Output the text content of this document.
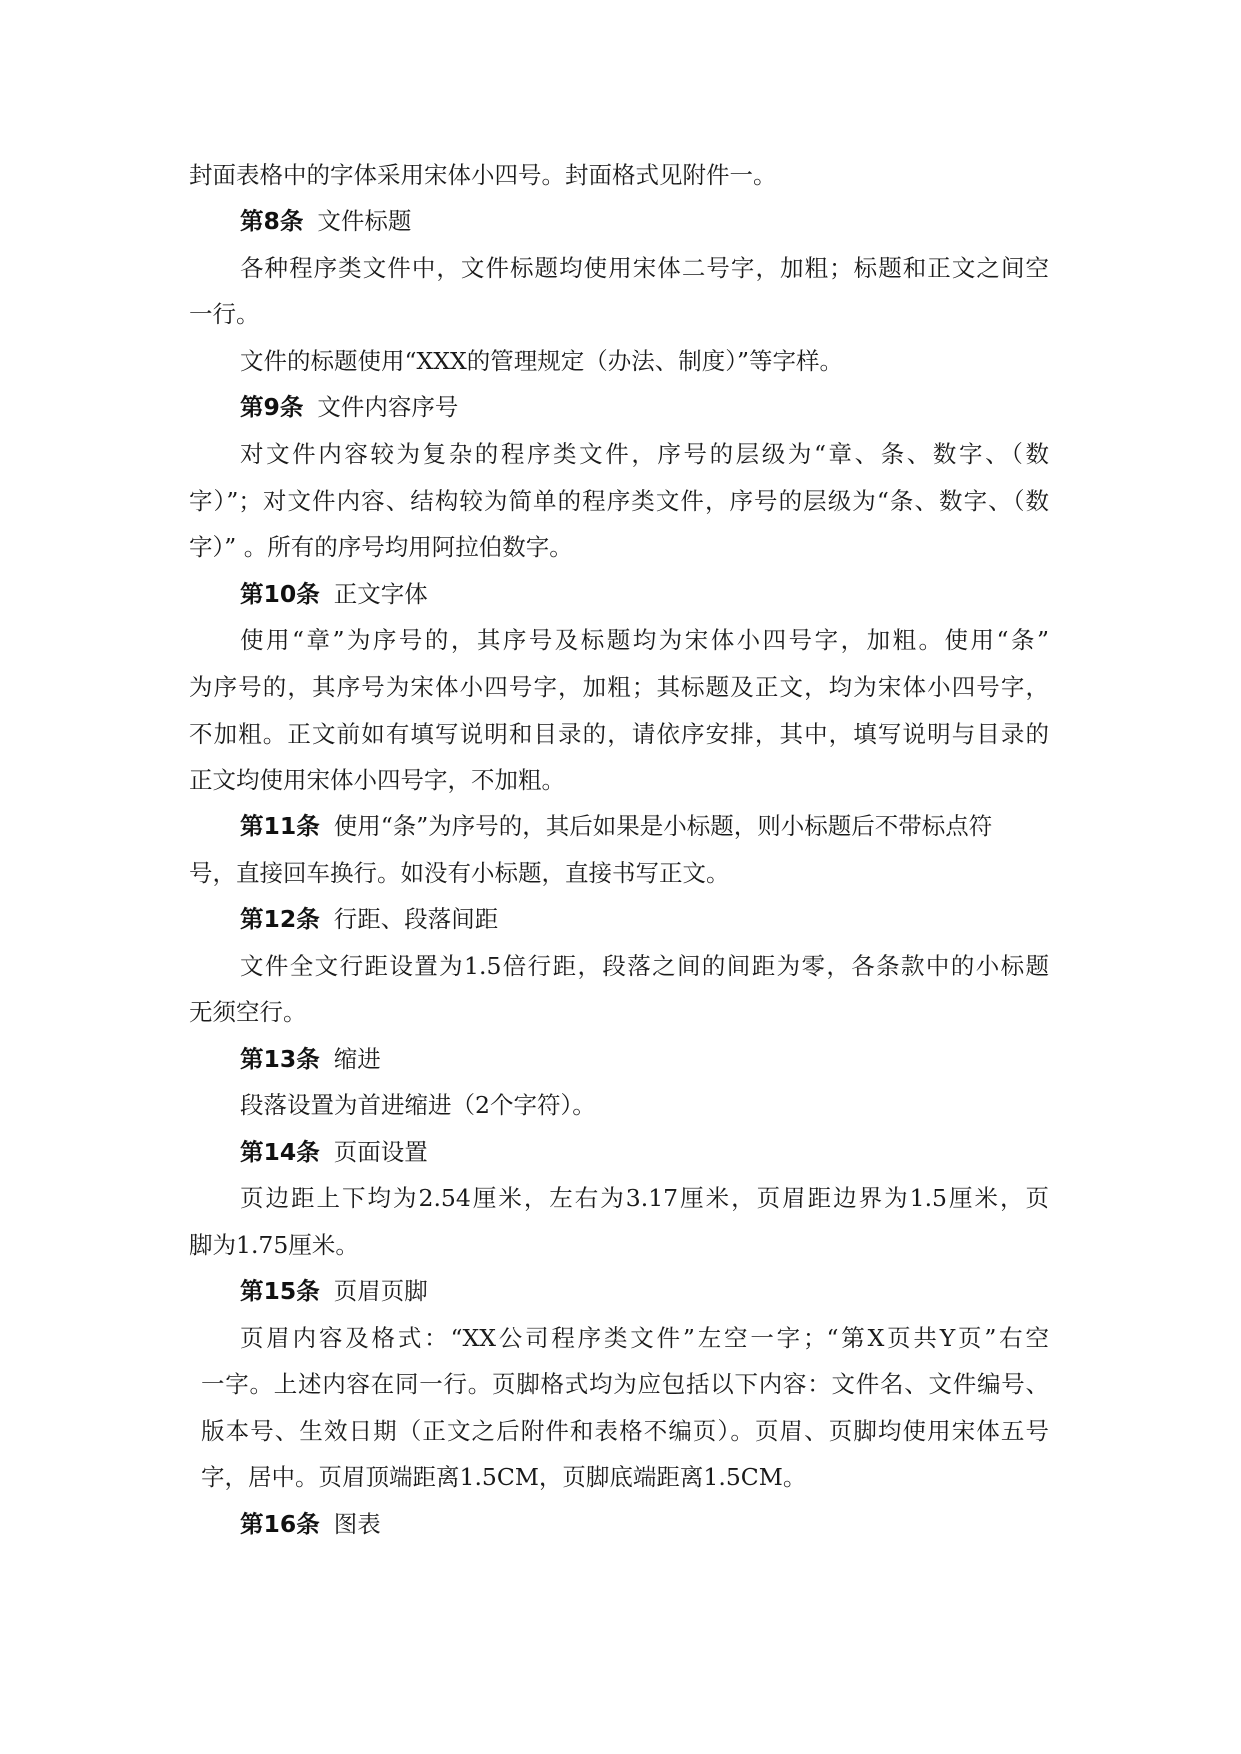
封面表格中的字体采用宋体小四号。封面格式见附件一。

第8条 文件标题

各种程序类文件中，文件标题均使用宋体二号字，加粗；标题和正文之间空

一行。

文件的标题使用“XXX的管理规定（办法、制度）”等字样。

第9条 文件内容序号

对文件内容较为复杂的程序类文件，序号的层级为“章、条、数字、（数

字）”；对文件内容、结构较为简单的程序类文件，序号的层级为“条、数字、（数

字）” 。所有的序号均用阿拉伯数字。

第10条 正文字体

使用“章”为序号的，其序号及标题均为宋体小四号字，加粗。使用“条”

为序号的，其序号为宋体小四号字，加粗；其标题及正文，均为宋体小四号字，

不加粗。正文前如有填写说明和目录的，请依序安排，其中，填写说明与目录的

正文均使用宋体小四号字，不加粗。

第11条 使用“条”为序号的，其后如果是小标题，则小标题后不带标点符

号，直接回车换行。如没有小标题，直接书写正文。

第12条 行距、段落间距

文件全文行距设置为1.5倍行距，段落之间的间距为零，各条款中的小标题

无须空行。

第13条 缩进

段落设置为首进缩进（2个字符）。

第14条 页面设置

页边距上下均为2.54厘米，左右为3.17厘米，页眉距边界为1.5厘米，页

脚为1.75厘米。

第15条 页眉页脚

页眉内容及格式：“XX公司程序类文件”左空一字；“第X页共Y页”右空

一字。上述内容在同一行。页脚格式均为应包括以下内容：文件名、文件编号、

版本号、生效日期（正文之后附件和表格不编页）。页眉、页脚均使用宋体五号

字，居中。页眉顶端距离1.5CM，页脚底端距离1.5CM。

第16条 图表
